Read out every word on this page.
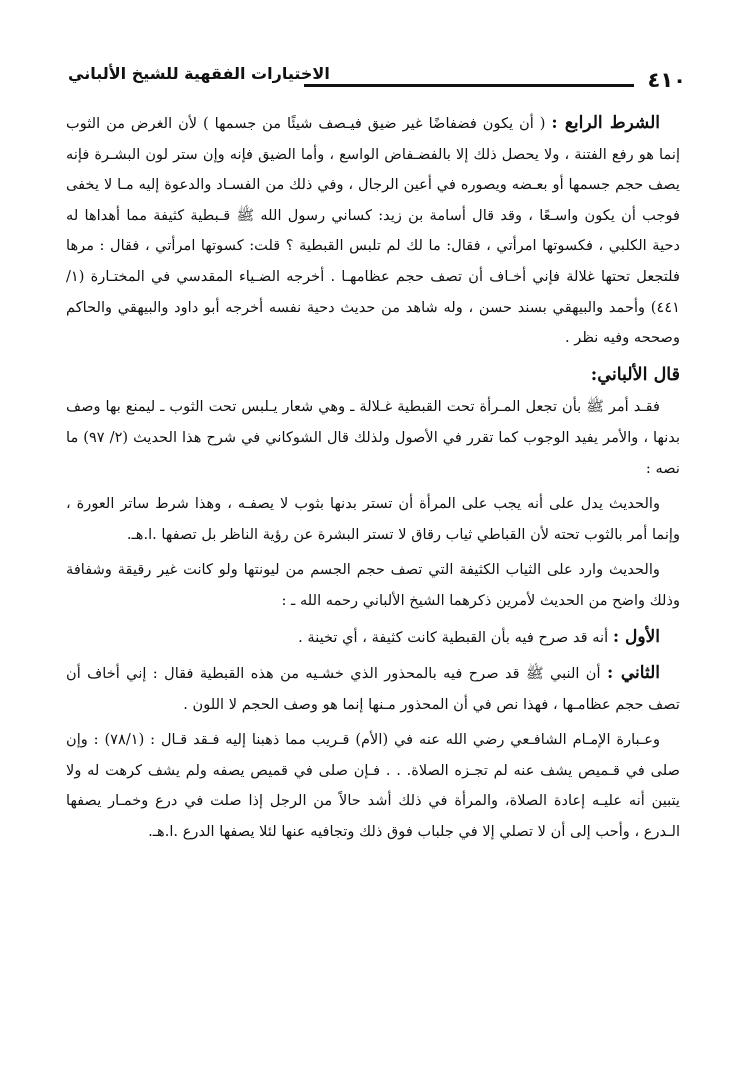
٤١٠
الاختيارات الفقهية للشيخ الألباني

الشرط الرابع : ( أن يكون فضفاضًا غير ضيق فيـصف شيئًا من جسمها ) لأن الغرض من الثوب إنما هو رفع الفتنة ، ولا يحصل ذلك إلا بالفضـفاض الواسع ، وأما الضيق فإنه وإن ستر لون البشـرة فإنه يصف حجم جسمها أو بعـضه ويصوره في أعين الرجال ، وفي ذلك من الفسـاد والدعوة إليه مـا لا يخفى فوجب أن يكون واسـعًا ، وقد قال أسامة بن زيد: كساني رسول الله ﷺ قـبطية كثيفة مما أهداها له دحية الكلبي ، فكسوتها امرأتي ، فقال: ما لك لم تلبس القبطية ؟ قلت: كسوتها امرأتي ، فقال : مرها فلتجعل تحتها غلالة فإني أخـاف أن تصف حجم عظامهـا . أخرجه الضـياء المقدسي في المختـارة (١/ ٤٤١) وأحمد والبيهقي بسند حسن ، وله شاهد من حديث دحية نفسه أخرجه أبو داود والبيهقي والحاكم وصححه وفيه نظر .

قال الألباني:

فقـد أمر ﷺ بأن تجعل المـرأة تحت القبطية غـلالة ـ وهي شعار يـلبس تحت الثوب ـ ليمنع بها وصف بدنها ، والأمر يفيد الوجوب كما تقرر في الأصول ولذلك قال الشوكاني في شرح هذا الحديث (٢/ ٩٧) ما نصه :

والحديث يدل على أنه يجب على المرأة أن تستر بدنها بثوب لا يصفـه ، وهذا شرط ساتر العورة ، وإنما أمر بالثوب تحته لأن القباطي ثياب رقاق لا تستر البشرة عن رؤية الناظر بل تصفها .ا.هـ.

والحديث وارد على الثياب الكثيفة التي تصف حجم الجسم من ليونتها ولو كانت غير رقيقة وشفافة وذلك واضح من الحديث لأمرين ذكرهما الشيخ الألباني رحمه الله ـ :

الأول : أنه قد صرح فيه بأن القبطية كانت كثيفة ، أي تخينة .

الثاني : أن النبي ﷺ قد صرح فيه بالمحذور الذي خشـيه من هذه القبطية فقال : إني أخاف أن تصف حجم عظامـها ، فهذا نص في أن المحذور مـنها إنما هو وصف الحجم لا اللون .

وعـبارة الإمـام الشافـعي رضي الله عنه في (الأم) قـريب مما ذهبنا إليه فـقد قـال : (٧٨/١) : وإن صلى في قـميص يشف عنه لم تجـزه الصلاة. . . فـإن صلى في قميص يصفه ولم يشف كرهت له ولا يتبين أنه عليـه إعادة الصلاة، والمرأة في ذلك أشد حالاً من الرجل إذا صلت في درع وخمـار يصفها الـدرع ، وأحب إلى أن لا تصلي إلا في جلباب فوق ذلك وتجافيه عنها لئلا يصفها الدرع .ا.هـ.
